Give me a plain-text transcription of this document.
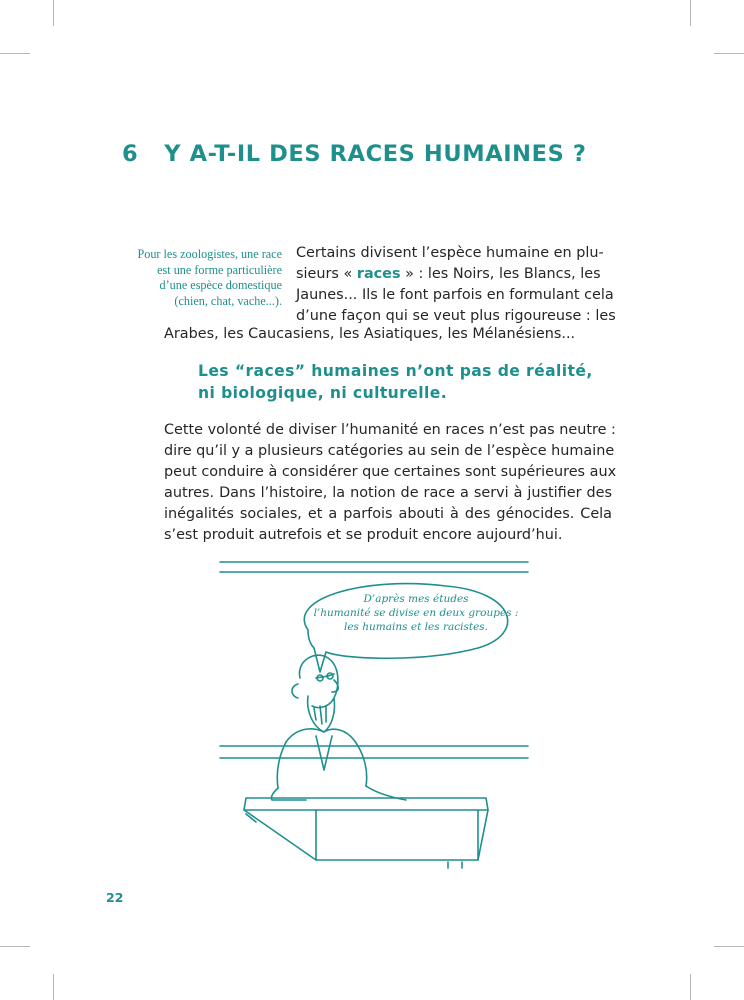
6 Y A-T-IL DES RACES HUMAINES ?
Pour les zoologistes, une race
est une forme particulière
d’une espèce domestique
(chien, chat, vache...).
Certains divisent l’espèce humaine en plu-
sieurs « races » : les Noirs, les Blancs, les
Jaunes... Ils le font parfois en formulant cela
d’une façon qui se veut plus rigoureuse : les
Arabes, les Caucasiens, les Asiatiques, les Mélanésiens...
Les “races” humaines n’ont pas de réalité,
ni biologique, ni culturelle.
Cette volonté de diviser l’humanité en races n’est pas neutre :
dire qu’il y a plusieurs catégories au sein de l’espèce humaine
peut conduire à considérer que certaines sont supérieures aux
autres. Dans l’histoire, la notion de race a servi à justifier des
inégalités sociales, et a parfois abouti à des génocides. Cela
s’est produit autrefois et se produit encore aujourd’hui.
D’après mes études
l’humanité se divise en deux groupes :
les humains et les racistes.
22
